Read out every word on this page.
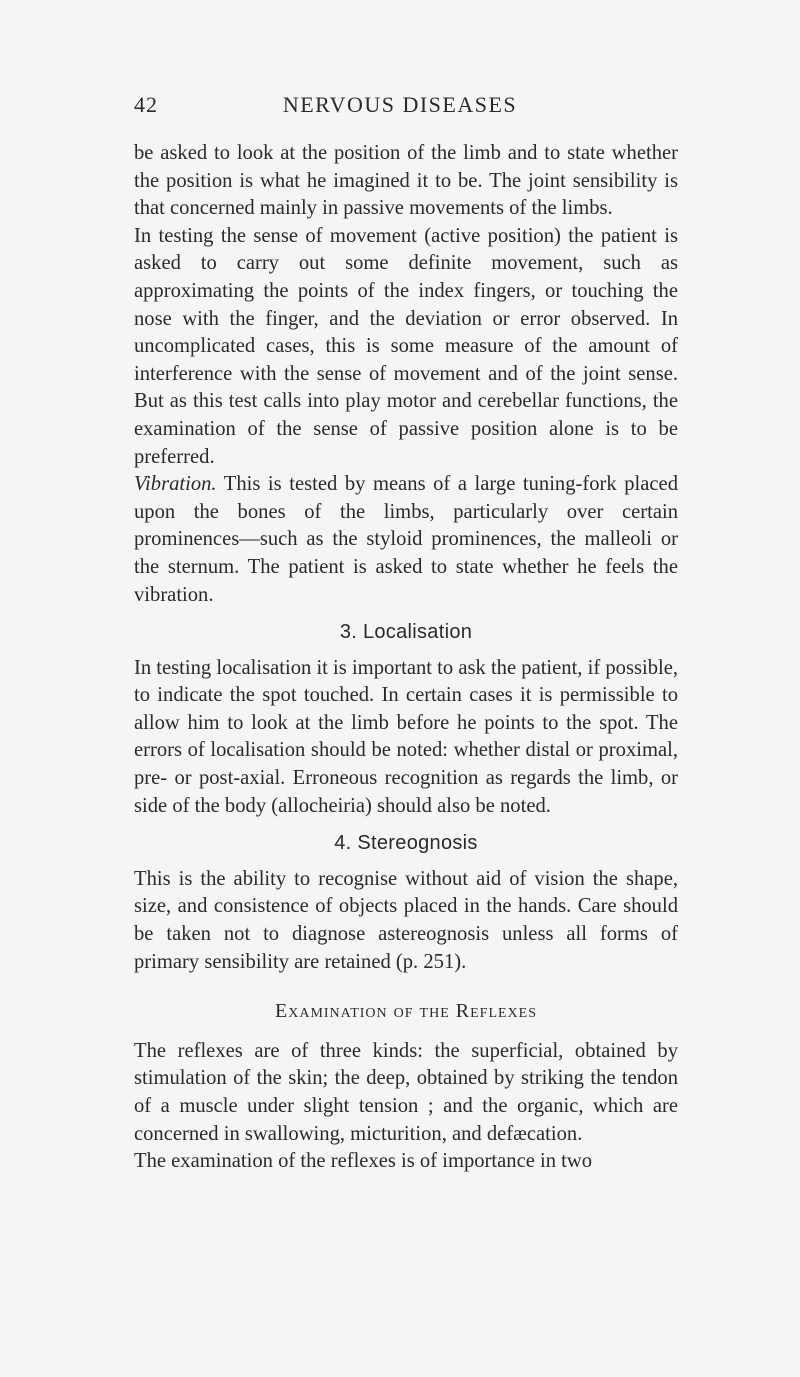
42	NERVOUS DISEASES

be asked to look at the position of the limb and to state whether the position is what he imagined it to be. The joint sensibility is that concerned mainly in passive movements of the limbs.

In testing the sense of movement (active position) the patient is asked to carry out some definite movement, such as approximating the points of the index fingers, or touching the nose with the finger, and the deviation or error observed. In uncomplicated cases, this is some measure of the amount of interference with the sense of movement and of the joint sense. But as this test calls into play motor and cerebellar functions, the examination of the sense of passive position alone is to be preferred.

Vibration. This is tested by means of a large tuning-fork placed upon the bones of the limbs, particularly over certain prominences—such as the styloid prominences, the malleoli or the sternum. The patient is asked to state whether he feels the vibration.

3. Localisation

In testing localisation it is important to ask the patient, if possible, to indicate the spot touched. In certain cases it is permissible to allow him to look at the limb before he points to the spot. The errors of localisation should be noted: whether distal or proximal, pre- or post-axial. Erroneous recognition as regards the limb, or side of the body (allocheiria) should also be noted.

4. Stereognosis

This is the ability to recognise without aid of vision the shape, size, and consistence of objects placed in the hands. Care should be taken not to diagnose astereognosis unless all forms of primary sensibility are retained (p. 251).

Examination of the Reflexes

The reflexes are of three kinds: the superficial, obtained by stimulation of the skin; the deep, obtained by striking the tendon of a muscle under slight tension ; and the organic, which are concerned in swallowing, micturition, and defæcation.

The examination of the reflexes is of importance in two
